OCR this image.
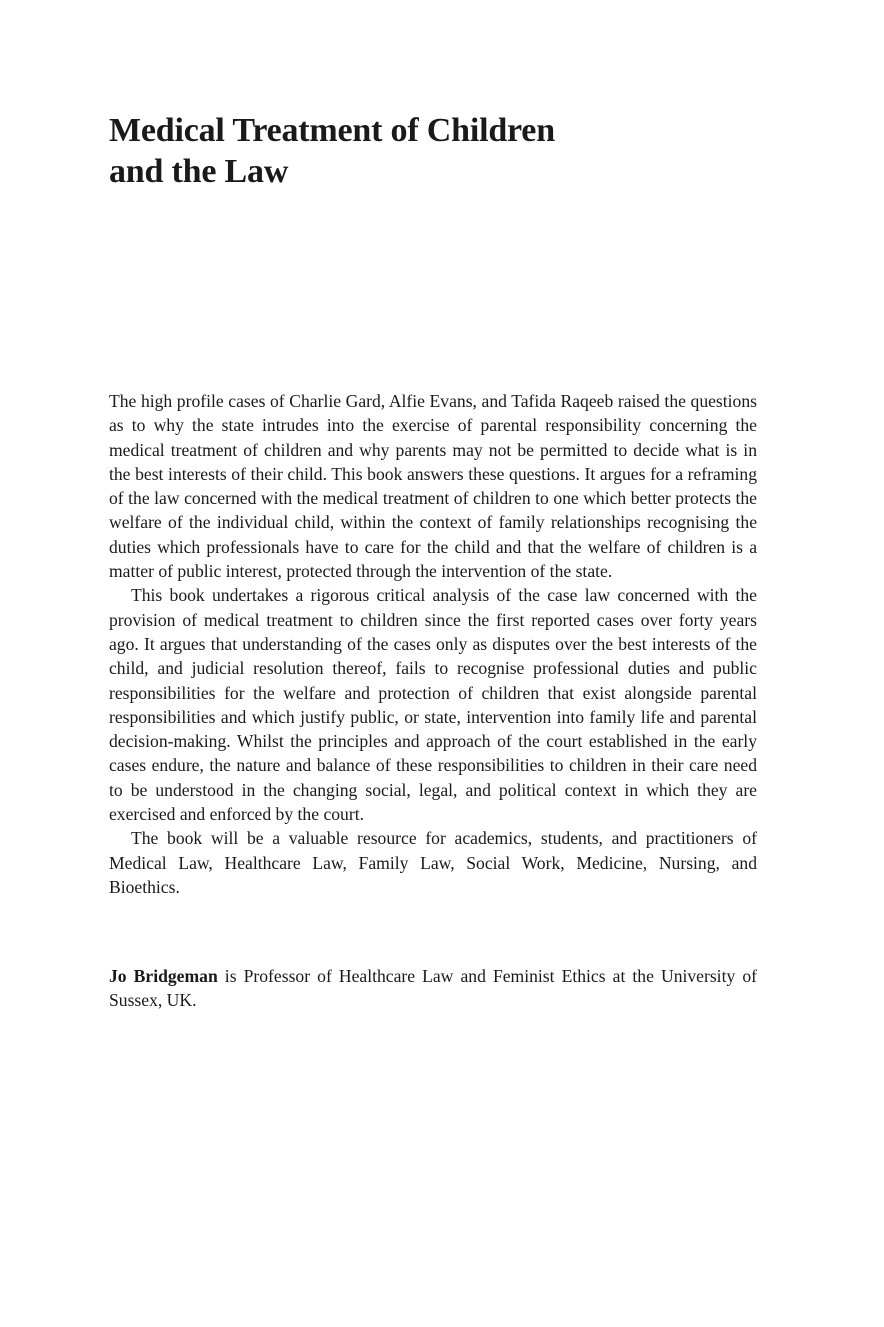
Medical Treatment of Children
and the Law

The high profile cases of Charlie Gard, Alfie Evans, and Tafida Raqeeb raised the questions as to why the state intrudes into the exercise of parental responsibility concerning the medical treatment of children and why parents may not be permitted to decide what is in the best interests of their child. This book answers these questions. It argues for a reframing of the law concerned with the medical treatment of children to one which better protects the welfare of the individual child, within the context of family relationships recognising the duties which professionals have to care for the child and that the welfare of children is a matter of public interest, protected through the intervention of the state.

This book undertakes a rigorous critical analysis of the case law concerned with the provision of medical treatment to children since the first reported cases over forty years ago. It argues that understanding of the cases only as disputes over the best interests of the child, and judicial resolution thereof, fails to recognise professional duties and public responsibilities for the welfare and protection of children that exist alongside parental responsibilities and which justify public, or state, intervention into family life and parental decision-making. Whilst the principles and approach of the court established in the early cases endure, the nature and balance of these responsibilities to children in their care need to be understood in the changing social, legal, and political context in which they are exercised and enforced by the court.

The book will be a valuable resource for academics, students, and practitioners of Medical Law, Healthcare Law, Family Law, Social Work, Medicine, Nursing, and Bioethics.

Jo Bridgeman is Professor of Healthcare Law and Feminist Ethics at the University of Sussex, UK.
